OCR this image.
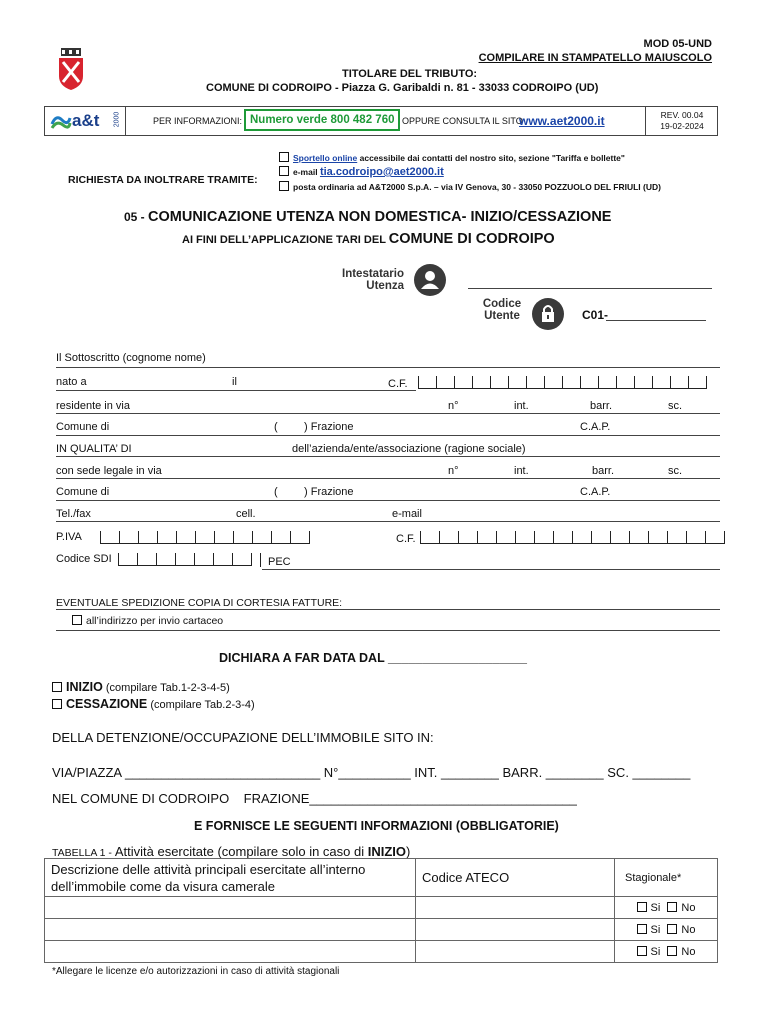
MOD 05-UND
COMPILARE IN STAMPATELLO MAIUSCOLO
TITOLARE DEL TRIBUTO:
COMUNE DI CODROIPO - Piazza G. Garibaldi n. 81 - 33033 CODROIPO (UD)
a&t 2000	PER INFORMAZIONI: Numero verde 800 482 760 OPPURE CONSULTA IL SITO
www.aet2000.it	REV. 00.04
19-02-2024
RICHIESTA DA INOLTRARE TRAMITE:
Sportello online accessibile dai contatti del nostro sito, sezione "Tariffa e bollette"
e-mail tia.codroipo@aet2000.it
posta ordinaria ad A&T2000 S.p.A. – via IV Genova, 30 - 33050 POZZUOLO DEL FRIULI (UD)
05 - COMUNICAZIONE UTENZA NON DOMESTICA- INIZIO/CESSAZIONE
AI FINI DELL’APPLICAZIONE TARI DEL COMUNE DI CODROIPO
Intestatario
Utenza
Codice
Utente	C01-
Il Sottoscritto (cognome nome)
nato a	il	C.F.
residente in via	n°	int.	barr.	sc.
Comune di	( ) Frazione	C.A.P.
IN QUALITA’ DI	dell’azienda/ente/associazione (ragione sociale)
con sede legale in via	n°	int.	barr.	sc.
Comune di	( ) Frazione	C.A.P.
Tel./fax	cell.	e-mail
P.IVA	C.F.
Codice SDI	PEC
EVENTUALE SPEDIZIONE COPIA DI CORTESIA FATTURE:
all’indirizzo per invio cartaceo
DICHIARA A FAR DATA DAL ____________________
INIZIO (compilare Tab.1-2-3-4-5)
CESSAZIONE (compilare Tab.2-3-4)
DELLA DETENZIONE/OCCUPAZIONE DELL’IMMOBILE SITO IN:
VIA/PIAZZA ___________________________ N°__________ INT. ________ BARR. ________ SC. ________
NEL COMUNE DI CODROIPO    FRAZIONE_____________________________________
E FORNISCE LE SEGUENTI INFORMAZIONI (OBBLIGATORIE)
TABELLA 1 - Attività esercitate (compilare solo in caso di INIZIO)
Descrizione delle attività principali esercitate all’interno dell’immobile come da visura camerale	Codice ATECO	Stagionale*
		Si No
		Si No
		Si No
*Allegare le licenze e/o autorizzazioni in caso di attività stagionali
